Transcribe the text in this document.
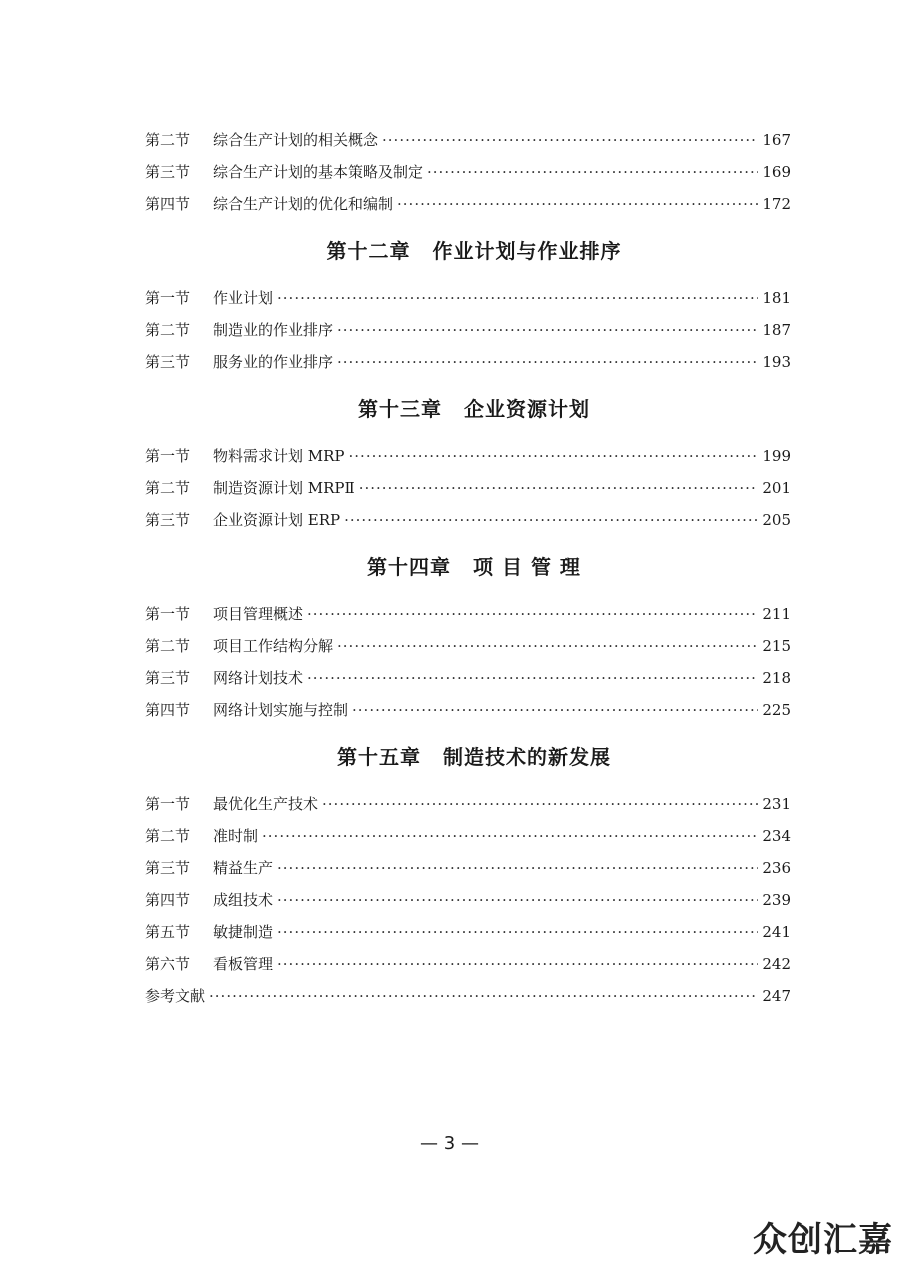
第二节	综合生产计划的相关概念 ·····	167
第三节	综合生产计划的基本策略及制定 ·····	169
第四节	综合生产计划的优化和编制 ·····	172
第十二章 作业计划与作业排序
第一节	作业计划 ·····	181
第二节	制造业的作业排序 ·····	187
第三节	服务业的作业排序 ·····	193
第十三章 企业资源计划
第一节	物料需求计划 MRP ·····	199
第二节	制造资源计划 MRPⅡ ·····	201
第三节	企业资源计划 ERP ·····	205
第十四章 项 目 管 理
第一节	项目管理概述 ·····	211
第二节	项目工作结构分解 ·····	215
第三节	网络计划技术 ·····	218
第四节	网络计划实施与控制 ·····	225
第十五章 制造技术的新发展
第一节	最优化生产技术 ·····	231
第二节	准时制 ·····	234
第三节	精益生产 ·····	236
第四节	成组技术 ·····	239
第五节	敏捷制造 ·····	241
第六节	看板管理 ·····	242
参考文献 ·····	247
— 3 —
众创汇嘉
